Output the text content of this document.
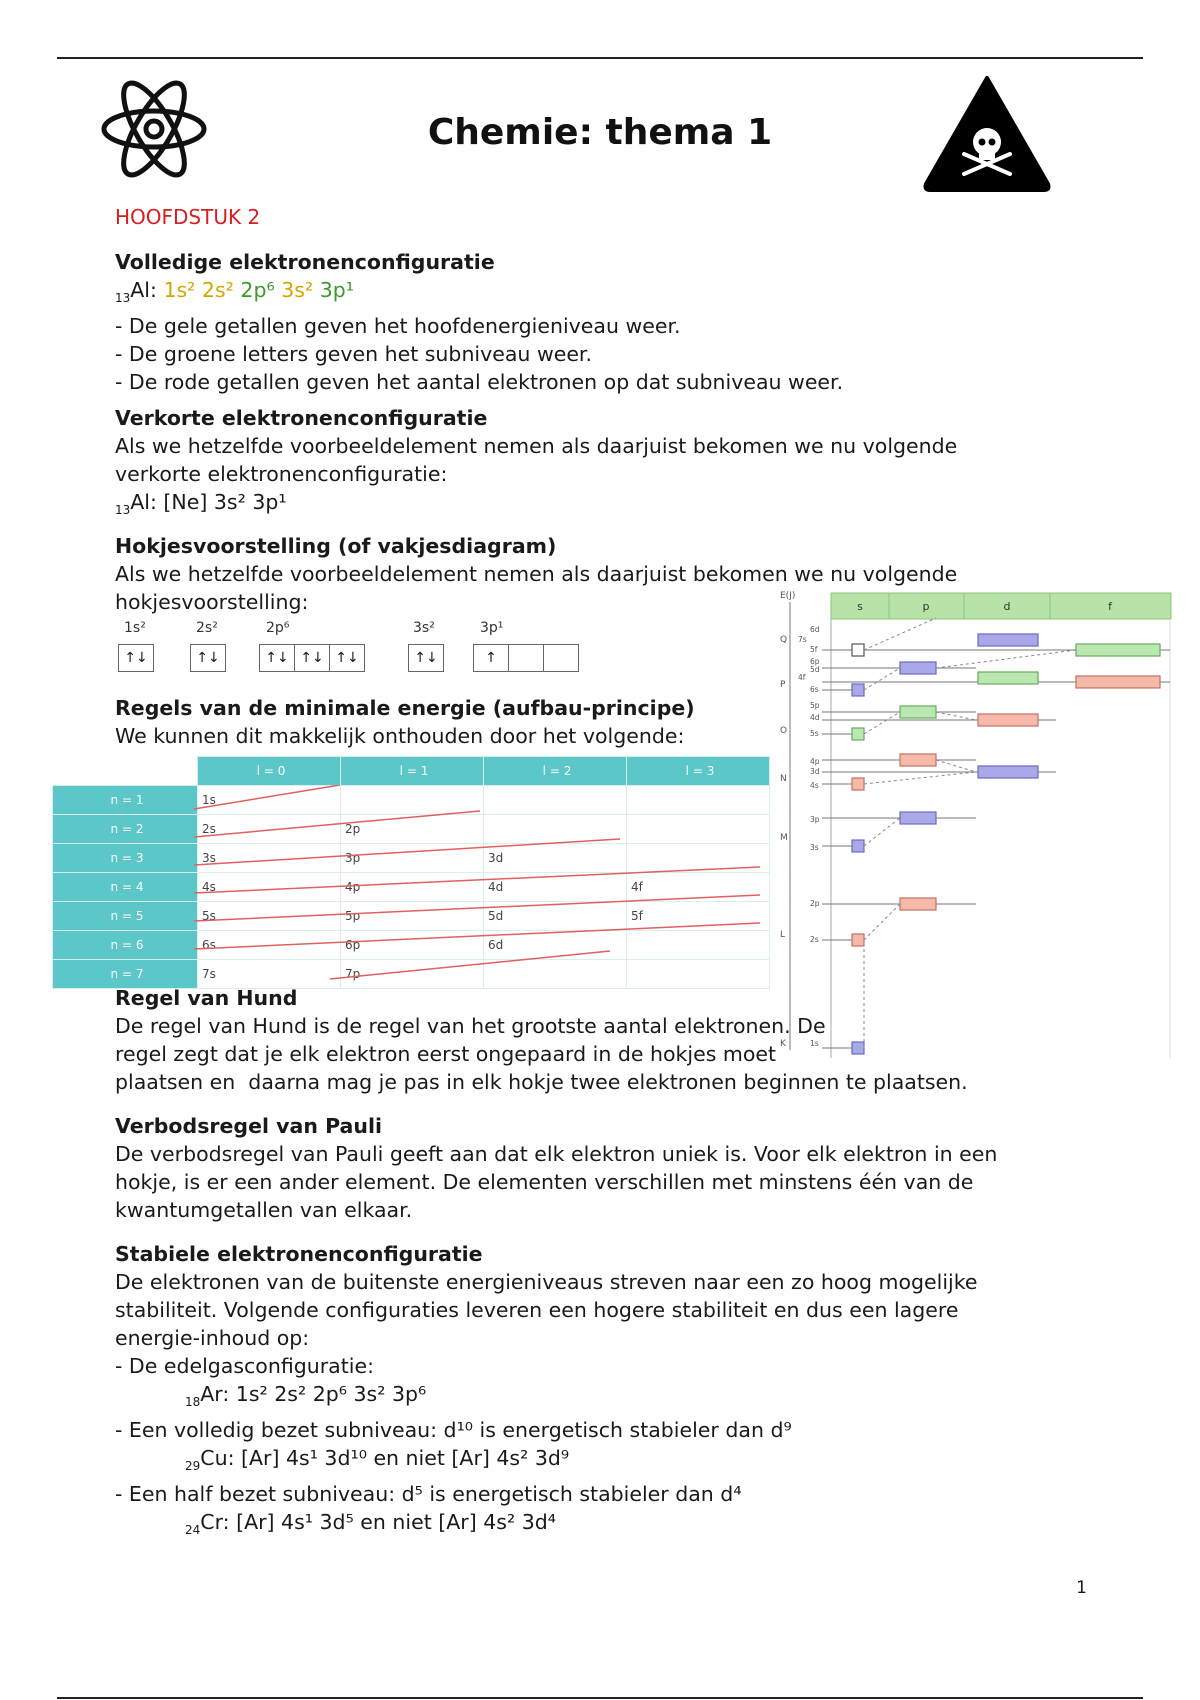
Chemie: thema 1
HOOFDSTUK 2
Volledige elektronenconfiguratie
$_{13}$Al: 1s² 2s² 2p⁶ 3s² 3p¹
- De gele getallen geven het hoofdenergieniveau weer.
- De groene letters geven het subniveau weer.
- De rode getallen geven het aantal elektronen op dat subniveau weer.
Verkorte elektronenconfiguratie
Als we hetzelfde voorbeeldelement nemen als daarjuist bekomen we nu volgende
verkorte elektronenconfiguratie:
$_{13}$Al: [Ne] 3s² 3p¹
Hokjesvoorstelling (of vakjesdiagram)
Als we hetzelfde voorbeeldelement nemen als daarjuist bekomen we nu volgende
hokjesvoorstelling:
1s²
↑↓
2s²
↑↓
2p⁶
↑↓ ↑↓ ↑↓
3s²
↑↓
3p¹
↑
Regels van de minimale energie (aufbau-principe)
We kunnen dit makkelijk onthouden door het volgende:
	l = 0	l = 1	l = 2	l = 3
n = 1	1s			
n = 2	2s	2p		
n = 3	3s	3p	3d	
n = 4	4s	4p	4d	4f
n = 5	5s	5p	5d	5f
n = 6	6s	6p	6d	
n = 7	7s	7p		
E(J)
s	p	d	f
Q
P
O
N
M
L
K
6d
5f
7s
6p
5d
4f
6s
5p
4d
5s
4p
3d
4s
3p
3s
2p
2s
1s
Regel van Hund
De regel van Hund is de regel van het grootste aantal elektronen. De
regel zegt dat je elk elektron eerst ongepaard in de hokjes moet
plaatsen en  daarna mag je pas in elk hokje twee elektronen beginnen te plaatsen.
Verbodsregel van Pauli
De verbodsregel van Pauli geeft aan dat elk elektron uniek is. Voor elk elektron in een
hokje, is er een ander element. De elementen verschillen met minstens één van de
kwantumgetallen van elkaar.
Stabiele elektronenconfiguratie
De elektronen van de buitenste energieniveaus streven naar een zo hoog mogelijke
stabiliteit. Volgende configuraties leveren een hogere stabiliteit en dus een lagere
energie-inhoud op:
- De edelgasconfiguratie:
$_{18}$Ar: 1s² 2s² 2p⁶ 3s² 3p⁶
- Een volledig bezet subniveau: d¹⁰ is energetisch stabieler dan d⁹
$_{29}$Cu: [Ar] 4s¹ 3d¹⁰ en niet [Ar] 4s² 3d⁹
- Een half bezet subniveau: d⁵ is energetisch stabieler dan d⁴
$_{24}$Cr: [Ar] 4s¹ 3d⁵ en niet [Ar] 4s² 3d⁴
1
